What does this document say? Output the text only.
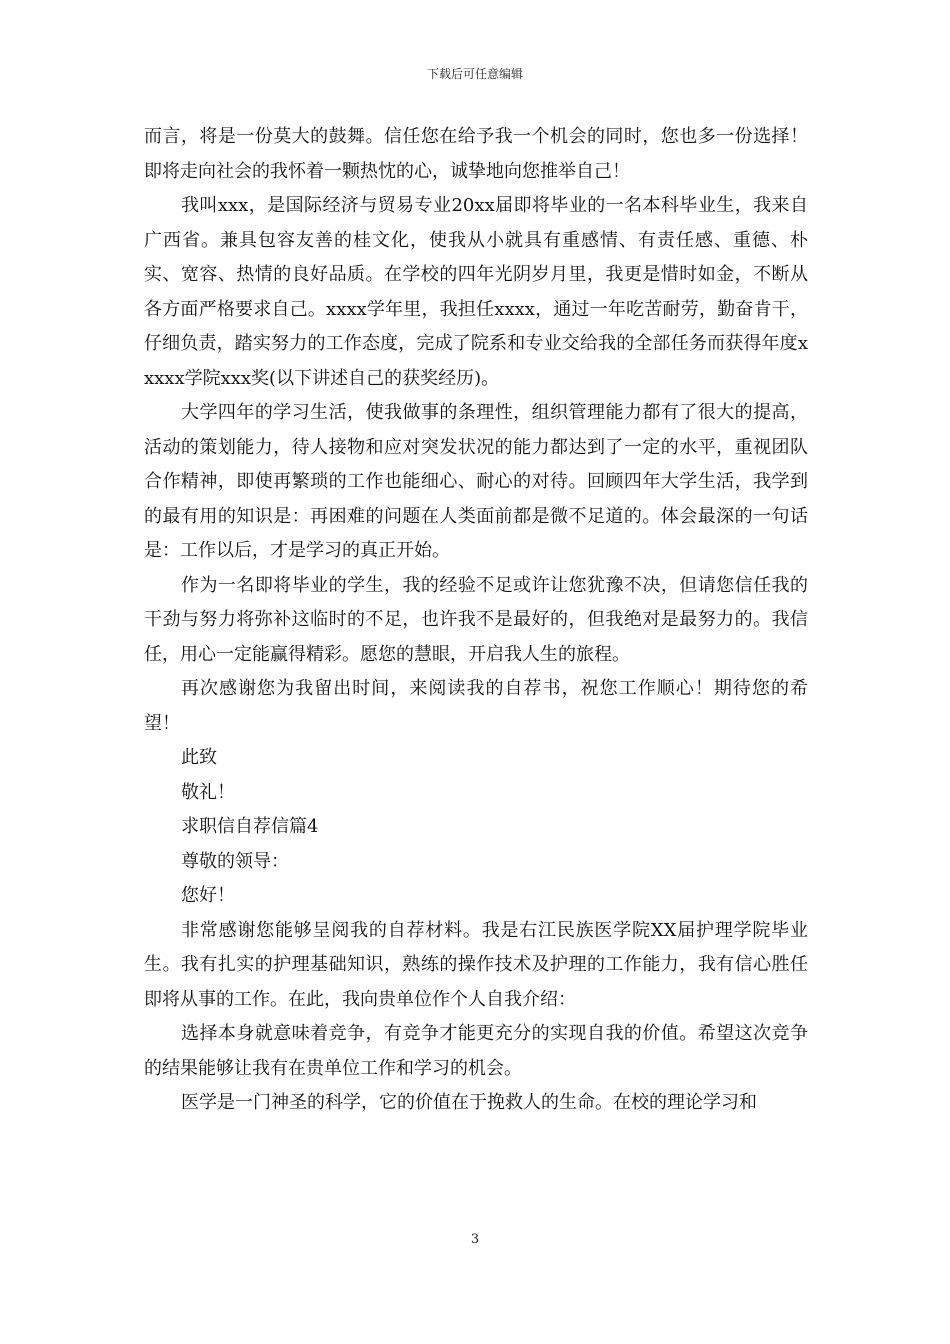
下载后可任意编辑

而言，将是一份莫大的鼓舞。信任您在给予我一个机会的同时，您也多一份选择！即将走向社会的我怀着一颗热忱的心，诚挚地向您推举自己！

我叫xxx，是国际经济与贸易专业20xx届即将毕业的一名本科毕业生，我来自广西省。兼具包容友善的桂文化，使我从小就具有重感情、有责任感、重德、朴实、宽容、热情的良好品质。在学校的四年光阴岁月里，我更是惜时如金，不断从各方面严格要求自己。xxxx学年里，我担任xxxx，通过一年吃苦耐劳，勤奋肯干，仔细负责，踏实努力的工作态度，完成了院系和专业交给我的全部任务而获得年度xxxxx学院xxx奖(以下讲述自己的获奖经历)。

大学四年的学习生活，使我做事的条理性，组织管理能力都有了很大的提高，活动的策划能力，待人接物和应对突发状况的能力都达到了一定的水平，重视团队合作精神，即使再繁琐的工作也能细心、耐心的对待。回顾四年大学生活，我学到的最有用的知识是：再困难的问题在人类面前都是微不足道的。体会最深的一句话是：工作以后，才是学习的真正开始。

作为一名即将毕业的学生，我的经验不足或许让您犹豫不决，但请您信任我的干劲与努力将弥补这临时的不足，也许我不是最好的，但我绝对是最努力的。我信任，用心一定能赢得精彩。愿您的慧眼，开启我人生的旅程。

再次感谢您为我留出时间，来阅读我的自荐书，祝您工作顺心！期待您的希望！

此致

敬礼！

求职信自荐信篇4

尊敬的领导：

您好！

非常感谢您能够呈阅我的自荐材料。我是右江民族医学院XX届护理学院毕业生。我有扎实的护理基础知识，熟练的操作技术及护理的工作能力，我有信心胜任即将从事的工作。在此，我向贵单位作个人自我介绍：

选择本身就意味着竞争，有竞争才能更充分的实现自我的价值。希望这次竞争的结果能够让我有在贵单位工作和学习的机会。

医学是一门神圣的科学，它的价值在于挽救人的生命。在校的理论学习和

3
